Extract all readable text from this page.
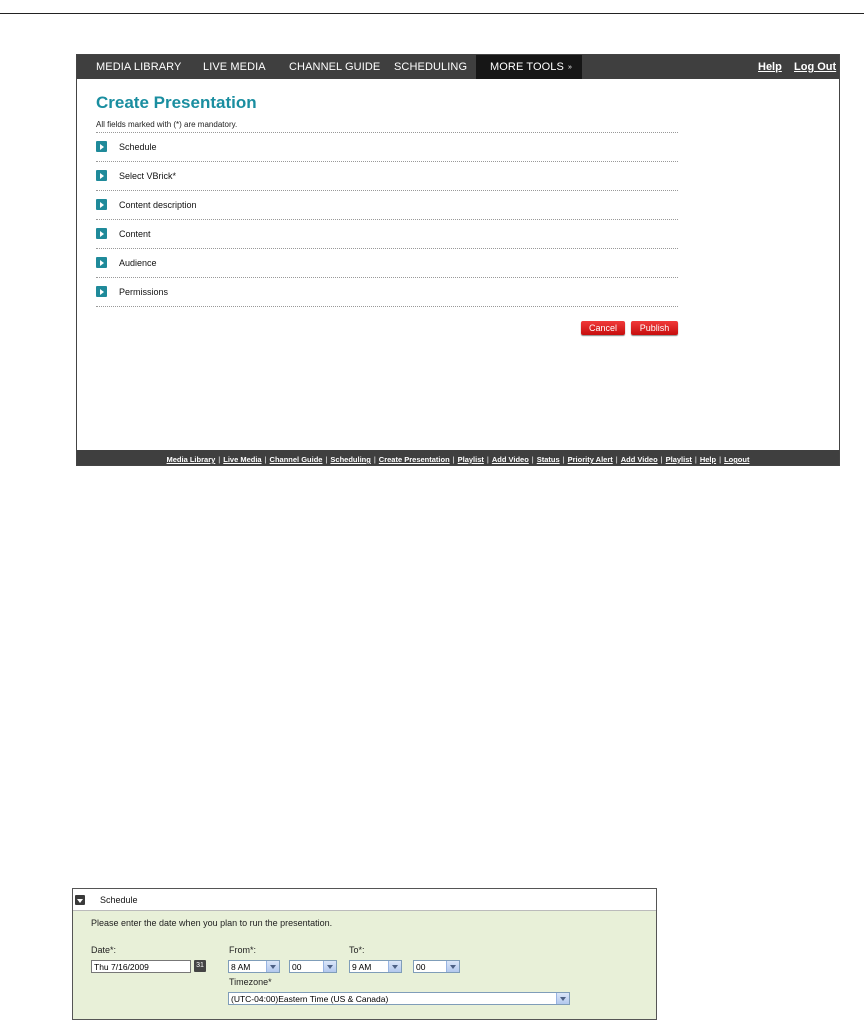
MEDIA LIBRARY LIVE MEDIA CHANNEL GUIDE SCHEDULING	MORE TOOLS »	Help Log Out
Create Presentation
All fields marked with (*) are mandatory.
Schedule
Select VBrick*
Content description
Content
Audience
Permissions
Cancel	Publish
Media Library | Live Media | Channel Guide | Scheduling | Create Presentation | Playlist | Add Video | Status | Priority Alert | Add Video | Playlist | Help | Logout
Schedule
Please enter the date when you plan to run the presentation.
Date*:
Thu 7/16/2009	31
From*:	To*:
8 AM	00	9 AM	00
Timezone*
(UTC-04:00)Eastern Time (US & Canada)
